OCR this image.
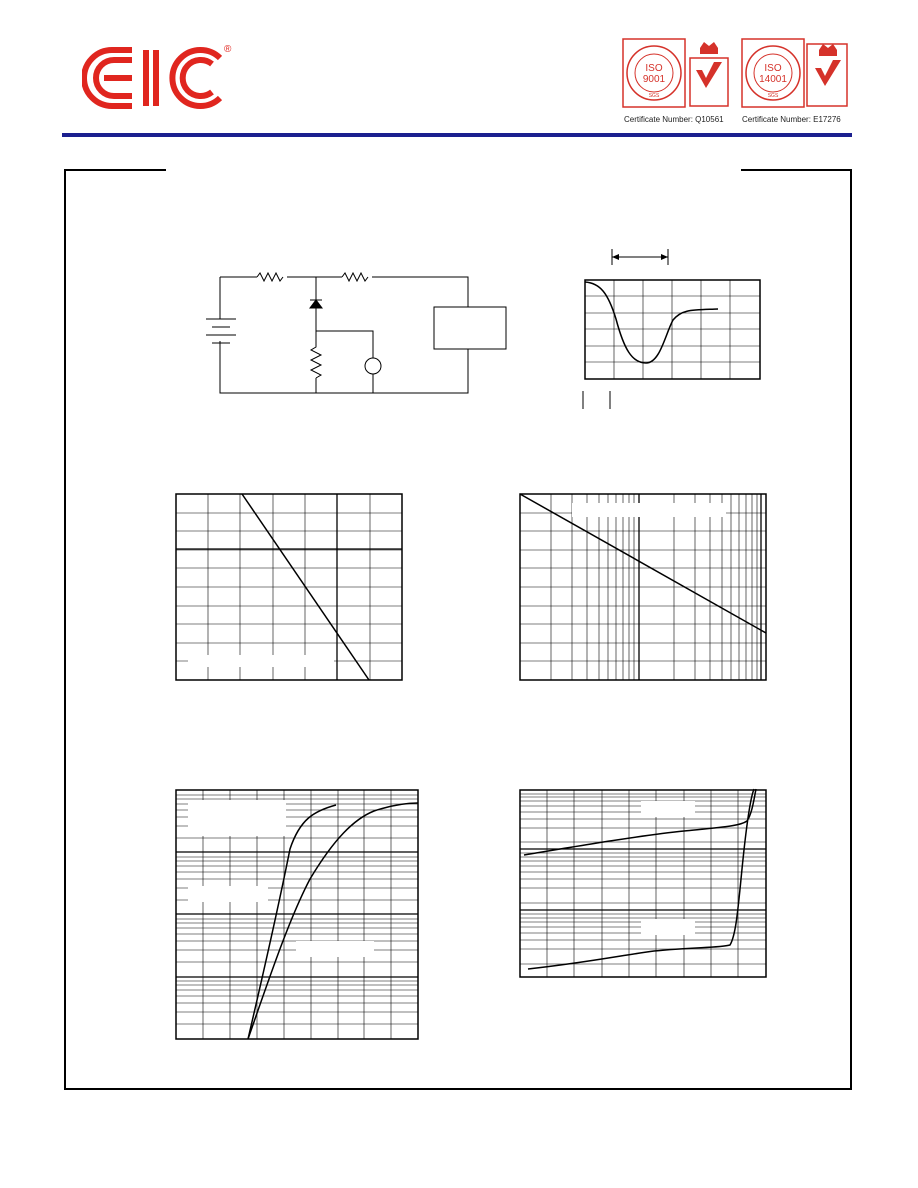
®
ISO
9001
SGS
Certificate Number: Q10561
ISO
14001
SGS
Certificate Number: E17276
